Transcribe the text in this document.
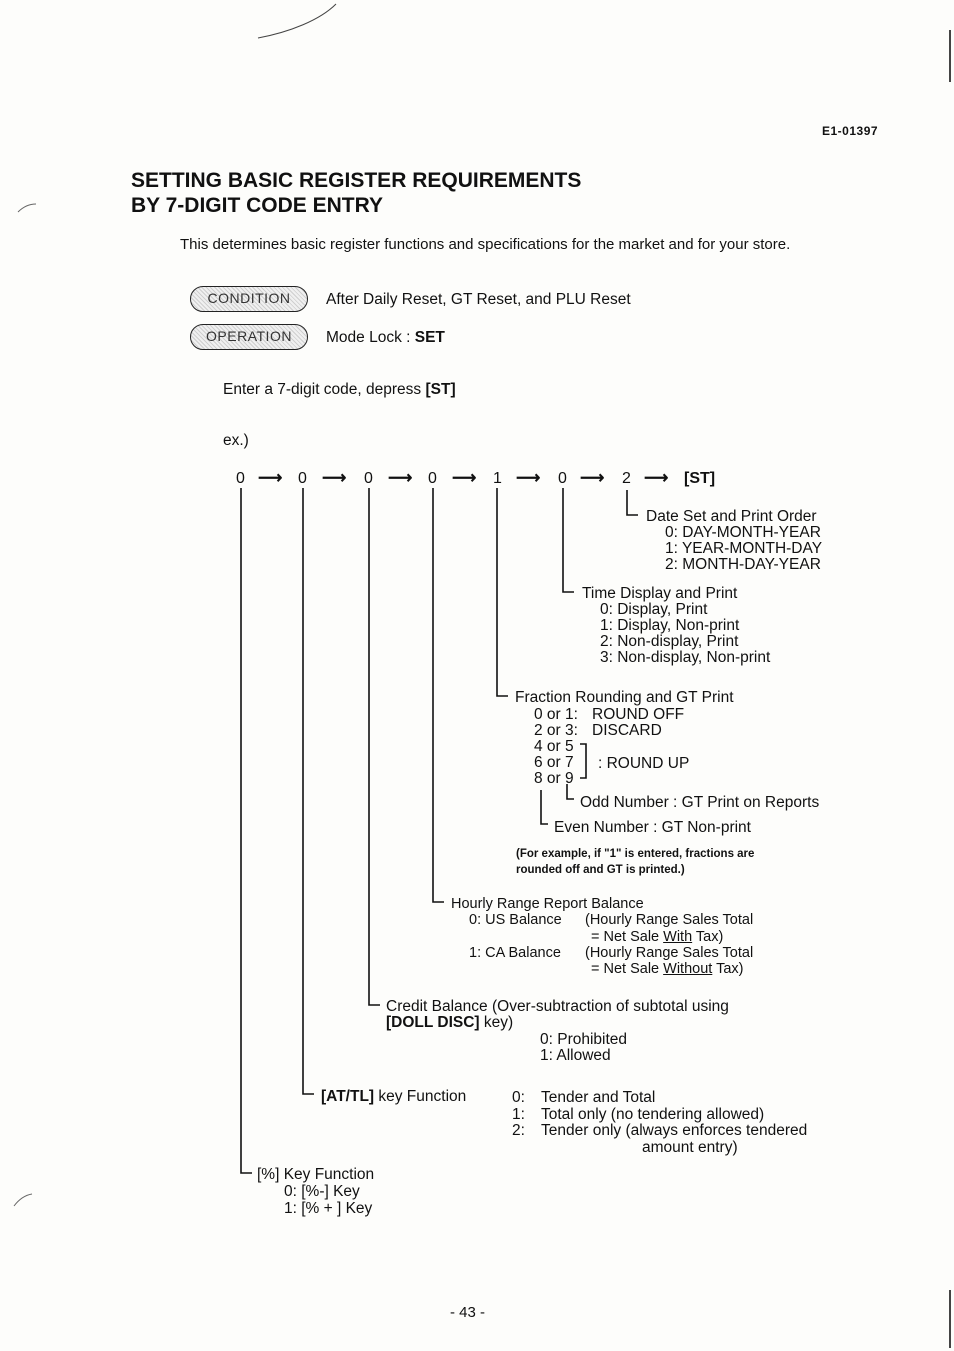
E1-01397
SETTING BASIC REGISTER REQUIREMENTS
BY 7-DIGIT CODE ENTRY
This determines basic register functions and specifications for the market and for your store.
CONDITION	After Daily Reset, GT Reset, and PLU Reset
OPERATION	Mode Lock : SET
Enter a 7-digit code, depress [ST]
ex.)
0 ⟶ 0 ⟶ 0 ⟶ 0 ⟶ 1 ⟶ 0 ⟶ 2 ⟶ [ST]
Date Set and Print Order
0: DAY-MONTH-YEAR
1: YEAR-MONTH-DAY
2: MONTH-DAY-YEAR
Time Display and Print
0: Display, Print
1: Display, Non-print
2: Non-display, Print
3: Non-display, Non-print
Fraction Rounding and GT Print
0 or 1: ROUND OFF
2 or 3: DISCARD
4 or 5
6 or 7
8 or 9
: ROUND UP
Odd Number : GT Print on Reports
Even Number : GT Non-print
(For example, if "1" is entered, fractions are
rounded off and GT is printed.)
Hourly Range Report Balance
0: US Balance (Hourly Range Sales Total
= Net Sale With Tax)
1: CA Balance (Hourly Range Sales Total
= Net Sale Without Tax)
Credit Balance (Over-subtraction of subtotal using
[DOLL DISC] key)
0: Prohibited
1: Allowed
[AT/TL] key Function	0: Tender and Total
1: Total only (no tendering allowed)
2: Tender only (always enforces tendered
amount entry)
[%] Key Function
0: [%-] Key
1: [% + ] Key
- 43 -
